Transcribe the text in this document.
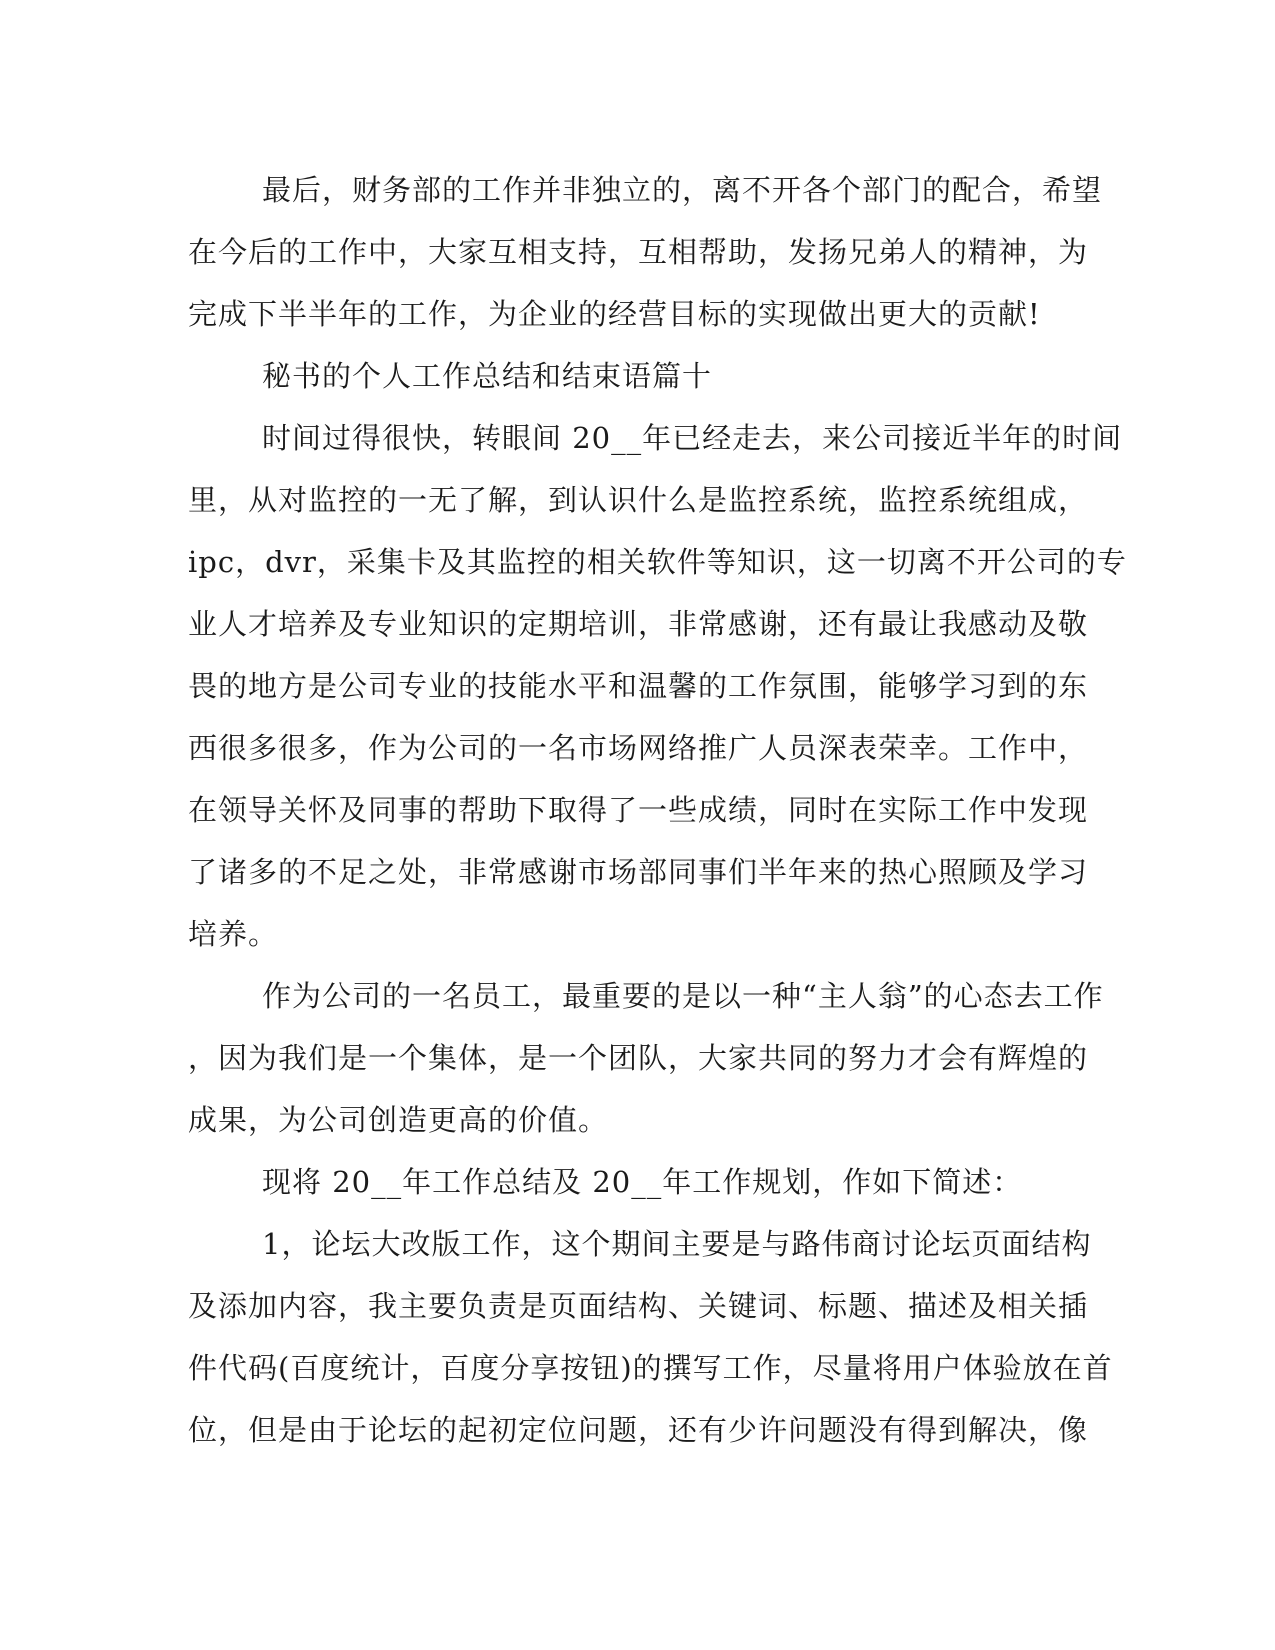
最后，财务部的工作并非独立的，离不开各个部门的配合，希望
在今后的工作中，大家互相支持，互相帮助，发扬兄弟人的精神，为
完成下半半年的工作，为企业的经营目标的实现做出更大的贡献!
秘书的个人工作总结和结束语篇十
时间过得很快，转眼间 20__年已经走去，来公司接近半年的时间
里，从对监控的一无了解，到认识什么是监控系统，监控系统组成，
ipc，dvr，采集卡及其监控的相关软件等知识，这一切离不开公司的专
业人才培养及专业知识的定期培训，非常感谢，还有最让我感动及敬
畏的地方是公司专业的技能水平和温馨的工作氛围，能够学习到的东
西很多很多，作为公司的一名市场网络推广人员深表荣幸。工作中，
在领导关怀及同事的帮助下取得了一些成绩，同时在实际工作中发现
了诸多的不足之处，非常感谢市场部同事们半年来的热心照顾及学习
培养。
作为公司的一名员工，最重要的是以一种“主人翁”的心态去工作
，因为我们是一个集体，是一个团队，大家共同的努力才会有辉煌的
成果，为公司创造更高的价值。
现将 20__年工作总结及 20__年工作规划，作如下简述：
1，论坛大改版工作，这个期间主要是与路伟商讨论坛页面结构
及添加内容，我主要负责是页面结构、关键词、标题、描述及相关插
件代码(百度统计，百度分享按钮)的撰写工作，尽量将用户体验放在首
位，但是由于论坛的起初定位问题，还有少许问题没有得到解决，像
